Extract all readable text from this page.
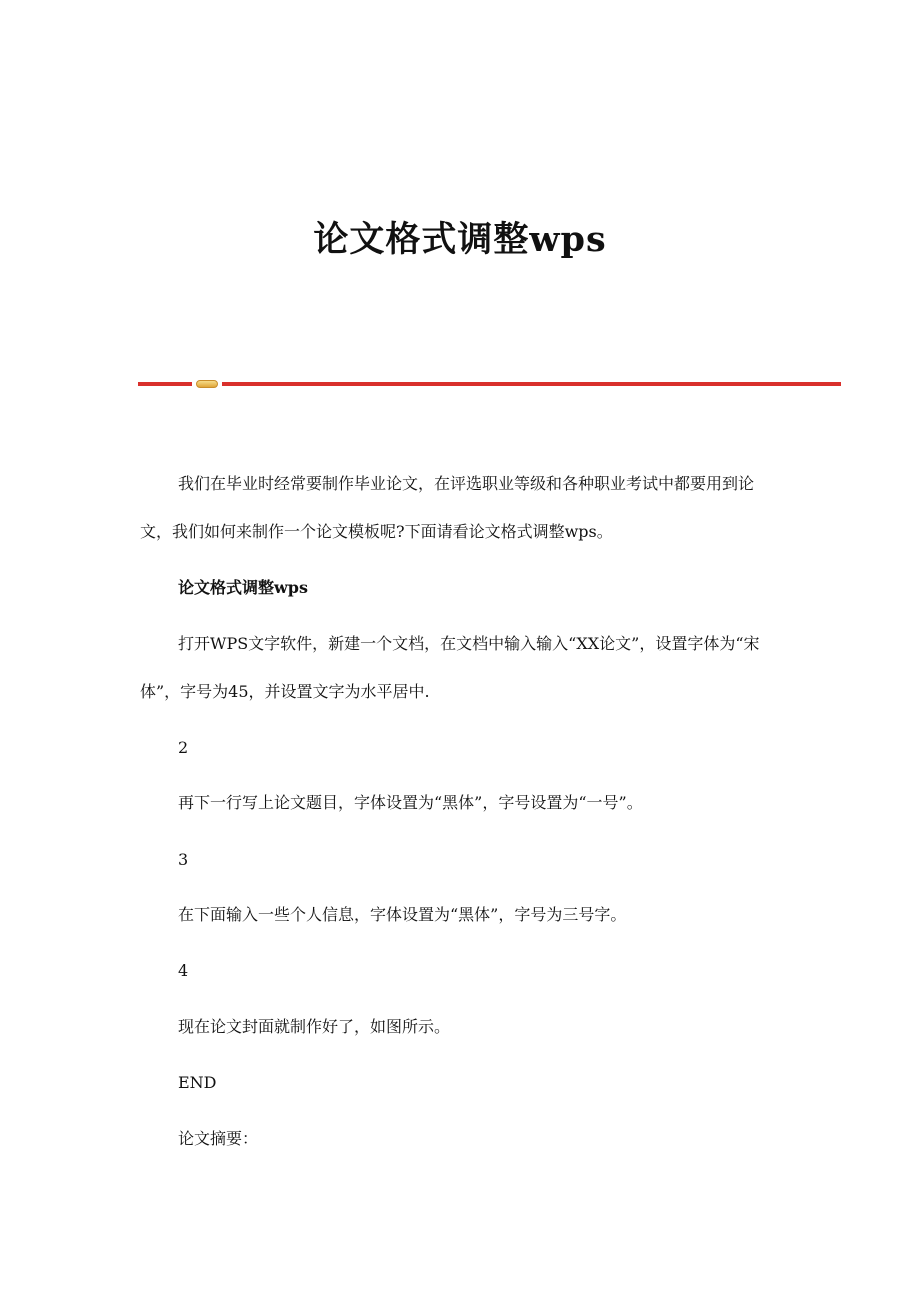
论文格式调整wps

我们在毕业时经常要制作毕业论文，在评选职业等级和各种职业考试中都要用到论文，我们如何来制作一个论文模板呢?下面请看论文格式调整wps。

论文格式调整wps

打开WPS文字软件，新建一个文档，在文档中输入输入“XX论文”，设置字体为“宋体”，字号为45，并设置文字为水平居中.

2

再下一行写上论文题目，字体设置为“黑体”，字号设置为“一号”。

3

在下面输入一些个人信息，字体设置为“黑体”，字号为三号字。

4

现在论文封面就制作好了，如图所示。

END

论文摘要：
